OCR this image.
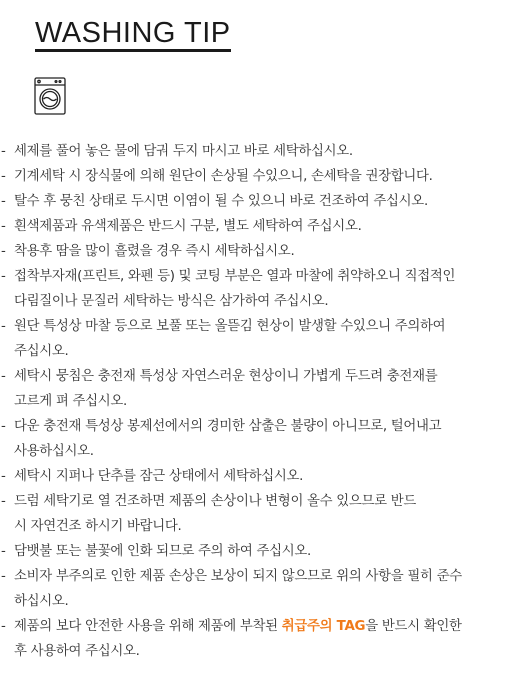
WASHING TIP
- 세제를 풀어 놓은 물에 담궈 두지 마시고 바로 세탁하십시오.
- 기계세탁 시 장식물에 의해 원단이 손상될 수있으니, 손세탁을 권장합니다.
- 탈수 후 뭉친 상태로 두시면 이염이 될 수 있으니 바로 건조하여 주십시오.
- 흰색제품과 유색제품은 반드시 구분, 별도 세탁하여 주십시오.
- 착용후 땀을 많이 흘렸을 경우 즉시 세탁하십시오.
- 접착부자재(프린트, 와펜 등) 및 코팅 부분은 열과 마찰에 취약하오니 직접적인
다림질이나 문질러 세탁하는 방식은 삼가하여 주십시오.
- 원단 특성상 마찰 등으로 보풀 또는 올뜯김 현상이 발생할 수있으니 주의하여
주십시오.
- 세탁시 뭉침은 충전재 특성상 자연스러운 현상이니 가볍게 두드려 충전재를
고르게 펴 주십시오.
- 다운 충전재 특성상 봉제선에서의 경미한 삼출은 불량이 아니므로, 털어내고
사용하십시오.
- 세탁시 지퍼나 단추를 잠근 상태에서 세탁하십시오.
- 드럼 세탁기로 열 건조하면 제품의 손상이나 변형이 올수 있으므로 반드
시 자연건조 하시기 바랍니다.
- 담뱃불 또는 불꽃에 인화 되므로 주의 하여 주십시오.
- 소비자 부주의로 인한 제품 손상은 보상이 되지 않으므로 위의 사항을 필히 준수
하십시오.
- 제품의 보다 안전한 사용을 위해 제품에 부착된 취급주의 TAG을 반드시 확인한
후 사용하여 주십시오.
